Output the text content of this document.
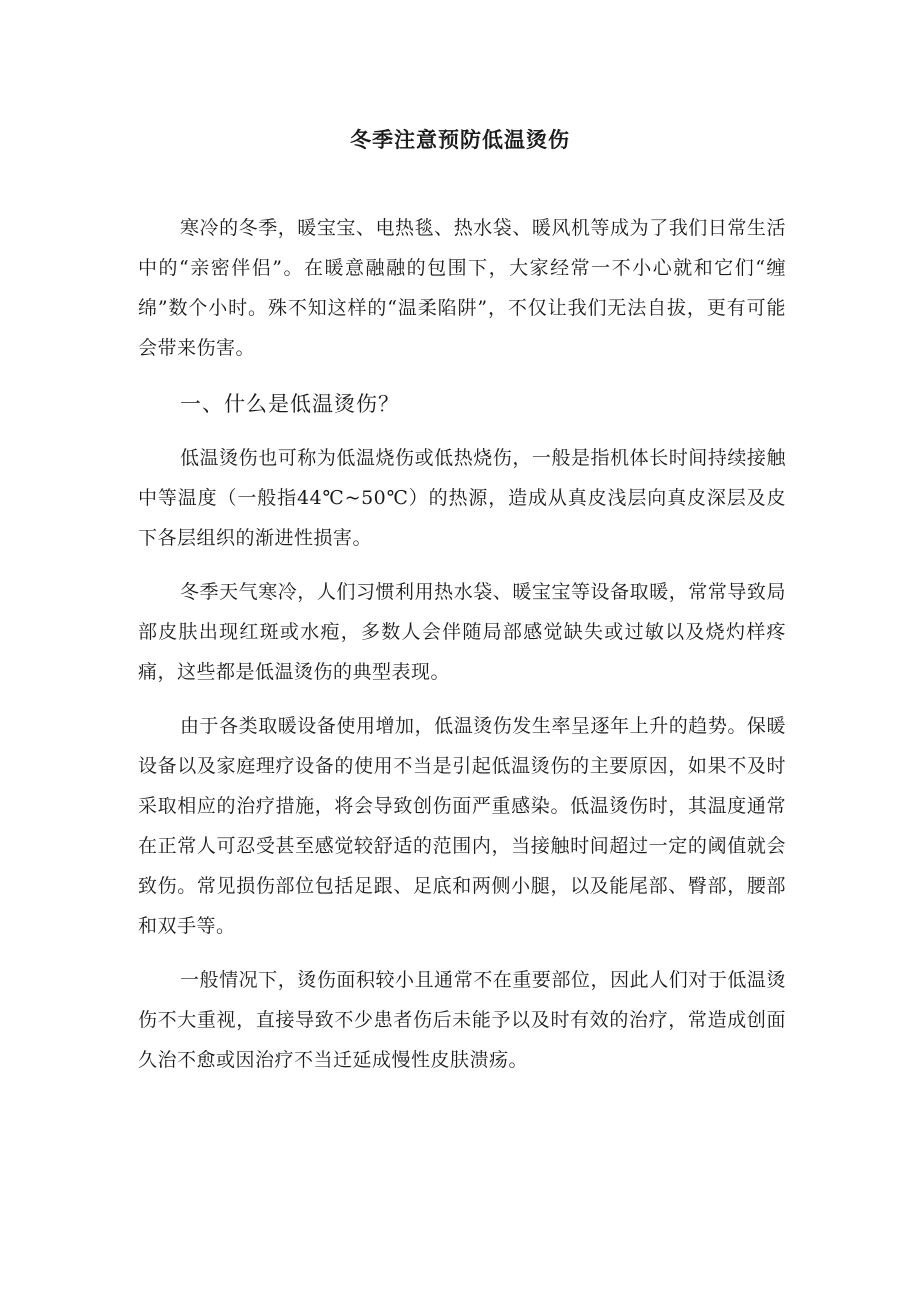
冬季注意预防低温烫伤

寒冷的冬季，暖宝宝、电热毯、热水袋、暖风机等成为了我们日常生活中的“亲密伴侣”。在暖意融融的包围下，大家经常一不小心就和它们“缠绵”数个小时。殊不知这样的“温柔陷阱”，不仅让我们无法自拔，更有可能会带来伤害。

一、什么是低温烫伤？

低温烫伤也可称为低温烧伤或低热烧伤，一般是指机体长时间持续接触中等温度（一般指44℃~50℃）的热源，造成从真皮浅层向真皮深层及皮下各层组织的渐进性损害。

冬季天气寒冷，人们习惯利用热水袋、暖宝宝等设备取暖，常常导致局部皮肤出现红斑或水疱，多数人会伴随局部感觉缺失或过敏以及烧灼样疼痛，这些都是低温烫伤的典型表现。

由于各类取暖设备使用增加，低温烫伤发生率呈逐年上升的趋势。保暖设备以及家庭理疗设备的使用不当是引起低温烫伤的主要原因，如果不及时采取相应的治疗措施，将会导致创伤面严重感染。低温烫伤时，其温度通常在正常人可忍受甚至感觉较舒适的范围内，当接触时间超过一定的阈值就会致伤。常见损伤部位包括足跟、足底和两侧小腿，以及能尾部、臀部，腰部和双手等。

一般情况下，烫伤面积较小且通常不在重要部位，因此人们对于低温烫伤不大重视，直接导致不少患者伤后未能予以及时有效的治疗，常造成创面久治不愈或因治疗不当迁延成慢性皮肤溃疡。
